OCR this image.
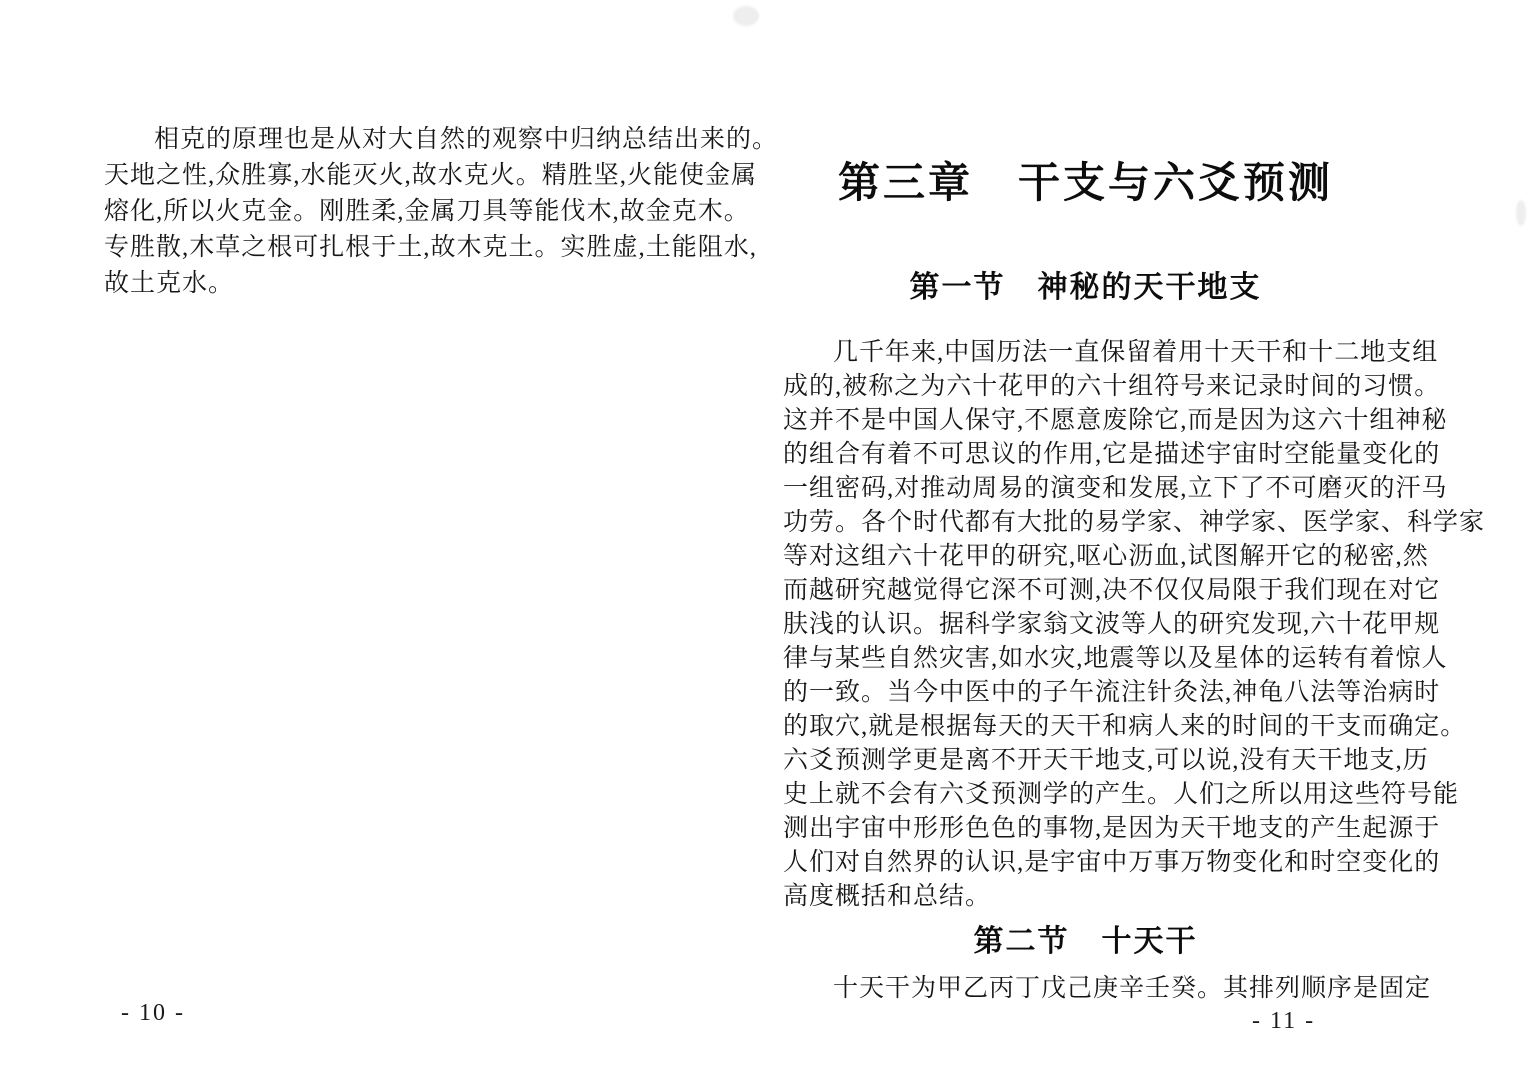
相克的原理也是从对大自然的观察中归纳总结出来的。
天地之性,众胜寡,水能灭火,故水克火。精胜坚,火能使金属
熔化,所以火克金。刚胜柔,金属刀具等能伐木,故金克木。
专胜散,木草之根可扎根于土,故木克土。实胜虚,土能阻水,
故土克水。
- 10 -
第三章　干支与六爻预测
第一节　神秘的天干地支
几千年来,中国历法一直保留着用十天干和十二地支组
成的,被称之为六十花甲的六十组符号来记录时间的习惯。
这并不是中国人保守,不愿意废除它,而是因为这六十组神秘
的组合有着不可思议的作用,它是描述宇宙时空能量变化的
一组密码,对推动周易的演变和发展,立下了不可磨灭的汗马
功劳。各个时代都有大批的易学家、神学家、医学家、科学家
等对这组六十花甲的研究,呕心沥血,试图解开它的秘密,然
而越研究越觉得它深不可测,决不仅仅局限于我们现在对它
肤浅的认识。据科学家翁文波等人的研究发现,六十花甲规
律与某些自然灾害,如水灾,地震等以及星体的运转有着惊人
的一致。当今中医中的子午流注针灸法,神龟八法等治病时
的取穴,就是根据每天的天干和病人来的时间的干支而确定。
六爻预测学更是离不开天干地支,可以说,没有天干地支,历
史上就不会有六爻预测学的产生。人们之所以用这些符号能
测出宇宙中形形色色的事物,是因为天干地支的产生起源于
人们对自然界的认识,是宇宙中万事万物变化和时空变化的
高度概括和总结。
第二节　十天干
十天干为甲乙丙丁戊己庚辛壬癸。其排列顺序是固定
- 11 -
